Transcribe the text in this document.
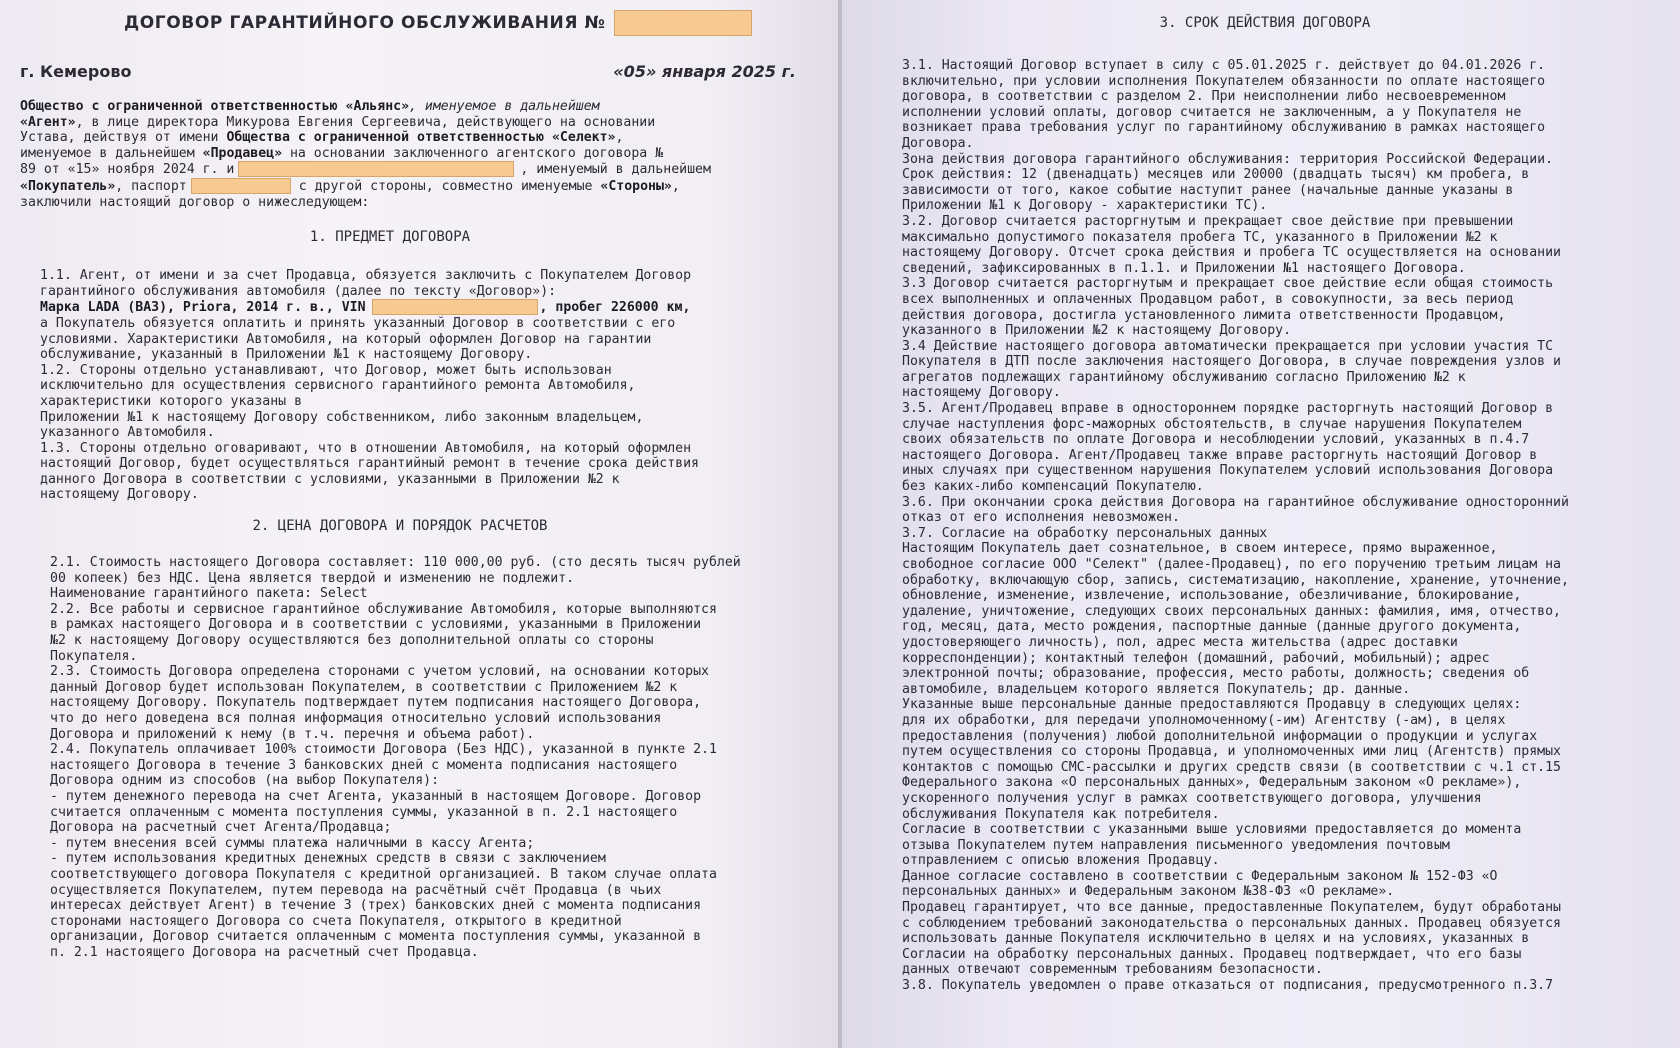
ДОГОВОР ГАРАНТИЙНОГО ОБСЛУЖИВАНИЯ №
г. Кемерово	«05» января 2025 г.

Общество с ограниченной ответственностью «Альянс», именуемое в дальнейшем

«Агент», в лице директора Микурова Евгения Сергеевича, действующего на основании

Устава, действуя от имени Общества с ограниченной ответственностью «Селект»,

именуемое в дальнейшем «Продавец» на основании заключенного агентского договора №

89 от «15» ноября 2024 г. и	, именуемый в дальнейшем

«Покупатель», паспорт	с другой стороны, совместно именуемые «Стороны»,

заключили настоящий договор о нижеследующем:

1. ПРЕДМЕТ ДОГОВОРА

1.1. Агент, от имени и за счет Продавца, обязуется заключить с Покупателем Договор

гарантийного обслуживания автомобиля (далее по тексту «Договор»):

Марка LADA (ВАЗ), Priora, 2014 г. в., VIN	, пробег 226000 км,

а Покупатель обязуется оплатить и принять указанный Договор в соответствии с его

условиями. Характеристики Автомобиля, на который оформлен Договор на гарантии

обслуживание, указанный в Приложении №1 к настоящему Договору.

1.2. Стороны отдельно устанавливают, что Договор, может быть использован

исключительно для осуществления сервисного гарантийного ремонта Автомобиля,

характеристики которого указаны в

Приложении №1 к настоящему Договору собственником, либо законным владельцем,

указанного Автомобиля.

1.3. Стороны отдельно оговаривают, что в отношении Автомобиля, на который оформлен

настоящий Договор, будет осуществляться гарантийный ремонт в течение срока действия

данного Договора в соответствии с условиями, указанными в Приложении №2 к

настоящему Договору.

2. ЦЕНА ДОГОВОРА И ПОРЯДОК РАСЧЕТОВ

2.1. Стоимость настоящего Договора составляет: 110 000,00 руб. (сто десять тысяч рублей

00 копеек) без НДС. Цена является твердой и изменению не подлежит.

Наименование гарантийного пакета: Select

2.2. Все работы и сервисное гарантийное обслуживание Автомобиля, которые выполняются

в рамках настоящего Договора и в соответствии с условиями, указанными в Приложении

№2 к настоящему Договору осуществляются без дополнительной оплаты со стороны

Покупателя.

2.3. Стоимость Договора определена сторонами с учетом условий, на основании которых

данный Договор будет использован Покупателем, в соответствии с Приложением №2 к

настоящему Договору. Покупатель подтверждает путем подписания настоящего Договора,

что до него доведена вся полная информация относительно условий использования

Договора и приложений к нему (в т.ч. перечня и объема работ).

2.4. Покупатель оплачивает 100% стоимости Договора (Без НДС), указанной в пункте 2.1

настоящего Договора в течение 3 банковских дней с момента подписания настоящего

Договора одним из способов (на выбор Покупателя):

- путем денежного перевода на счет Агента, указанный в настоящем Договоре. Договор

считается оплаченным с момента поступления суммы, указанной в п. 2.1 настоящего

Договора на расчетный счет Агента/Продавца;

- путем внесения всей суммы платежа наличными в кассу Агента;

- путем использования кредитных денежных средств в связи с заключением

соответствующего договора Покупателя с кредитной организацией. В таком случае оплата

осуществляется Покупателем, путем перевода на расчётный счёт Продавца (в чьих

интересах действует Агент) в течение 3 (трех) банковских дней с момента подписания

сторонами настоящего Договора со счета Покупателя, открытого в кредитной

организации, Договор считается оплаченным с момента поступления суммы, указанной в

п. 2.1 настоящего Договора на расчетный счет Продавца.

3. СРОК ДЕЙСТВИЯ ДОГОВОРА

3.1. Настоящий Договор вступает в силу с 05.01.2025 г. действует до 04.01.2026 г.

включительно, при условии исполнения Покупателем обязанности по оплате настоящего

договора, в соответствии с разделом 2. При неисполнении либо несвоевременном

исполнении условий оплаты, договор считается не заключенным, а у Покупателя не

возникает права требования услуг по гарантийному обслуживанию в рамках настоящего

Договора.

Зона действия договора гарантийного обслуживания: территория Российской Федерации.

Срок действия: 12 (двенадцать) месяцев или 20000 (двадцать тысяч) км пробега, в

зависимости от того, какое событие наступит ранее (начальные данные указаны в

Приложении №1 к Договору - характеристики ТС).

3.2. Договор считается расторгнутым и прекращает свое действие при превышении

максимально допустимого показателя пробега ТС, указанного в Приложении №2 к

настоящему Договору. Отсчет срока действия и пробега ТС осуществляется на основании

сведений, зафиксированных в п.1.1. и Приложении №1 настоящего Договора.

3.3 Договор считается расторгнутым и прекращает свое действие если общая стоимость

всех выполненных и оплаченных Продавцом работ, в совокупности, за весь период

действия договора, достигла установленного лимита ответственности Продавцом,

указанного в Приложении №2 к настоящему Договору.

3.4 Действие настоящего договора автоматически прекращается при условии участия ТС

Покупателя в ДТП после заключения настоящего Договора, в случае повреждения узлов и

агрегатов подлежащих гарантийному обслуживанию согласно Приложению №2 к

настоящему Договору.

3.5. Агент/Продавец вправе в одностороннем порядке расторгнуть настоящий Договор в

случае наступления форс-мажорных обстоятельств, в случае нарушения Покупателем

своих обязательств по оплате Договора и несоблюдении условий, указанных в п.4.7

настоящего Договора. Агент/Продавец также вправе расторгнуть настоящий Договор в

иных случаях при существенном нарушения Покупателем условий использования Договора

без каких-либо компенсаций Покупателю.

3.6. При окончании срока действия Договора на гарантийное обслуживание односторонний

отказ от его исполнения невозможен.

3.7. Согласие на обработку персональных данных

Настоящим Покупатель дает сознательное, в своем интересе, прямо выраженное,

свободное согласие ООО "Селект" (далее-Продавец), по его поручению третьим лицам на

обработку, включающую сбор, запись, систематизацию, накопление, хранение, уточнение,

обновление, изменение, извлечение, использование, обезличивание, блокирование,

удаление, уничтожение, следующих своих персональных данных: фамилия, имя, отчество,

год, месяц, дата, место рождения, паспортные данные (данные другого документа,

удостоверяющего личность), пол, адрес места жительства (адрес доставки

корреспонденции); контактный телефон (домашний, рабочий, мобильный); адрес

электронной почты; образование, профессия, место работы, должность; сведения об

автомобиле, владельцем которого является Покупатель; др. данные.

Указанные выше персональные данные предоставляются Продавцу в следующих целях:

для их обработки, для передачи уполномоченному(-им) Агентству (-ам), в целях

предоставления (получения) любой дополнительной информации о продукции и услугах

путем осуществления со стороны Продавца, и уполномоченных ими лиц (Агентств) прямых

контактов с помощью СМС-рассылки и других средств связи (в соответствии с ч.1 ст.15

Федерального закона «О персональных данных», Федеральным законом «О рекламе»),

ускоренного получения услуг в рамках соответствующего договора, улучшения

обслуживания Покупателя как потребителя.

Согласие в соответствии с указанными выше условиями предоставляется до момента

отзыва Покупателем путем направления письменного уведомления почтовым

отправлением с описью вложения Продавцу.

Данное согласие составлено в соответствии с Федеральным законом № 152-ФЗ «О

персональных данных» и Федеральным законом №38-ФЗ «О рекламе».

Продавец гарантирует, что все данные, предоставленные Покупателем, будут обработаны

с соблюдением требований законодательства о персональных данных. Продавец обязуется

использовать данные Покупателя исключительно в целях и на условиях, указанных в

Согласии на обработку персональных данных. Продавец подтверждает, что его базы

данных отвечают современным требованиям безопасности.

3.8. Покупатель уведомлен о праве отказаться от подписания, предусмотренного п.3.7
